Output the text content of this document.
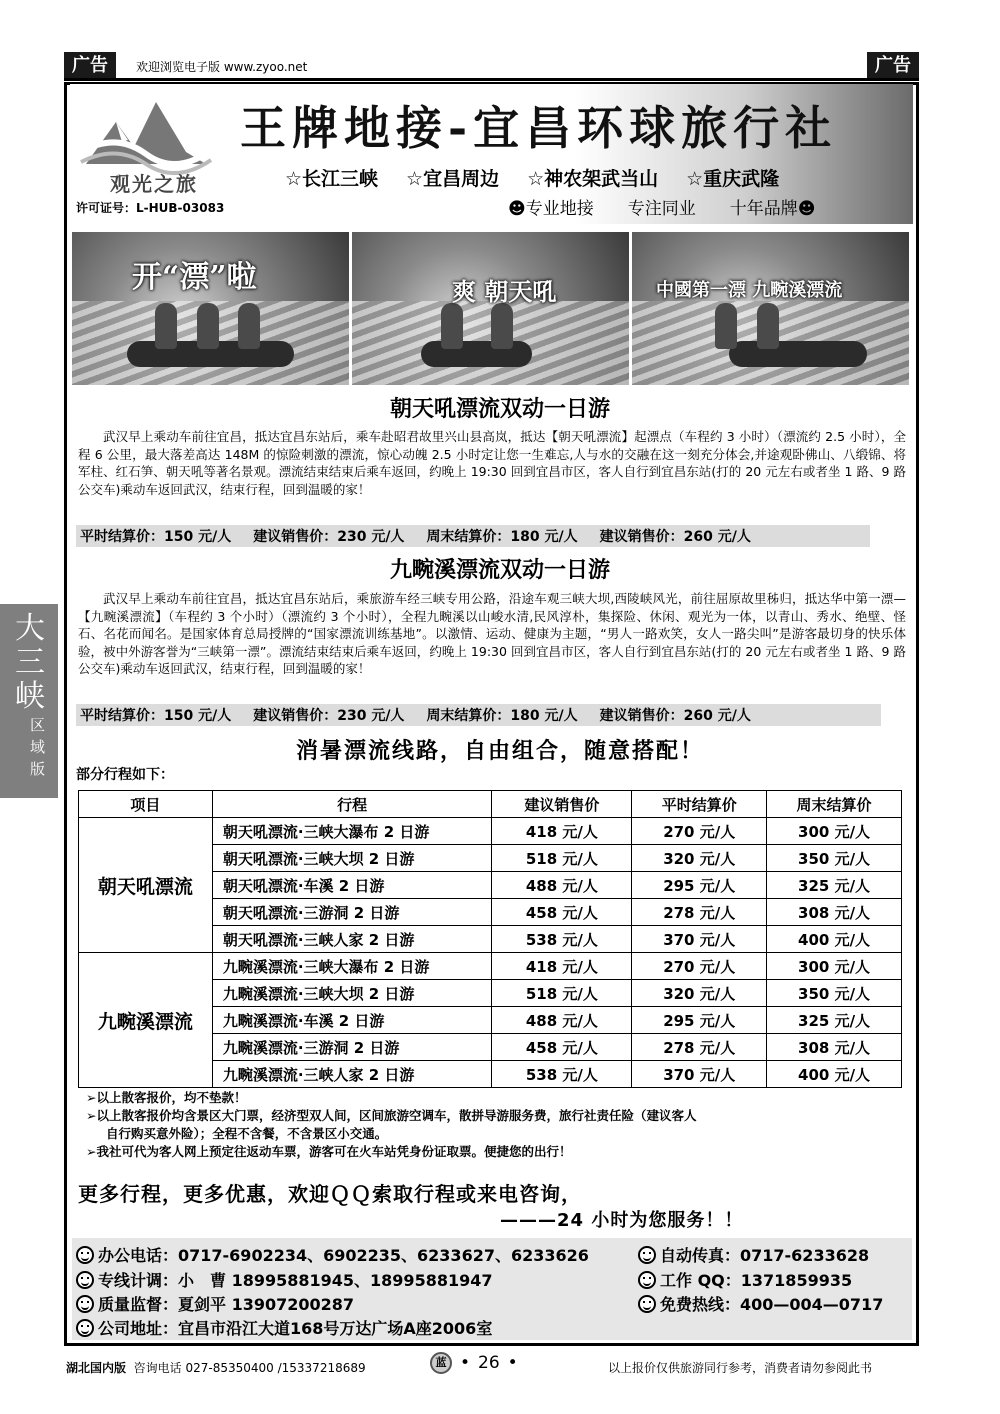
广告	欢迎浏览电子版 www.zyoo.net	广告
观光之旅
王牌地接-宜昌环球旅行社
☆长江三峡 ☆宜昌周边 ☆神农架武当山 ☆重庆武隆
许可证号：L-HUB-03083	☻专业地接 专注同业 十年品牌☻
开“漂”啦	爽 朝天吼	中國第一漂 九畹溪漂流
朝天吼漂流双动一日游
武汉早上乘动车前往宜昌，抵达宜昌东站后，乘车赴昭君故里兴山县高岚，抵达【朝天吼漂流】起漂点（车程约 3 小时）（漂流约 2.5 小时），全程 6 公里，最大落差高达 148M 的惊险刺激的漂流，惊心动魄 2.5 小时定让您一生难忘,人与水的交融在这一刻充分体会,并途观卧佛山、八缎锦、将军柱、红石笋、朝天吼等著名景观。漂流结束结束后乘车返回，约晚上 19:30 回到宜昌市区，客人自行到宜昌东站(打的 20 元左右或者坐 1 路、9 路公交车)乘动车返回武汉，结束行程，回到温暖的家！
平时结算价：150 元/人 建议销售价：230 元/人 周末结算价：180 元/人 建议销售价：260 元/人
九畹溪漂流双动一日游
武汉早上乘动车前往宜昌，抵达宜昌东站后，乘旅游车经三峡专用公路，沿途车观三峡大坝,西陵峡风光，前往屈原故里秭归，抵达华中第一漂—【九畹溪漂流】（车程约 3 个小时）（漂流约 3 个小时），全程九畹溪以山峻水清,民风淳朴，集探险、休闲、观光为一体，以青山、秀水、绝壁、怪石、名花而闻名。是国家体育总局授牌的“国家漂流训练基地”。以激情、运动、健康为主题，“男人一路欢笑，女人一路尖叫”是游客最切身的快乐体验，被中外游客誉为“三峡第一漂”。漂流结束结束后乘车返回，约晚上 19:30 回到宜昌市区，客人自行到宜昌东站(打的 20 元左右或者坐 1 路、9 路公交车)乘动车返回武汉，结束行程，回到温暖的家！
平时结算价：150 元/人 建议销售价：230 元/人 周末结算价：180 元/人 建议销售价：260 元/人
消暑漂流线路，自由组合，随意搭配！
部分行程如下：
项目	行程	建议销售价	平时结算价	周末结算价
朝天吼漂流	朝天吼漂流·三峡大瀑布 2 日游	418 元/人	270 元/人	300 元/人
	朝天吼漂流·三峡大坝 2 日游	518 元/人	320 元/人	350 元/人
	朝天吼漂流·车溪 2 日游	488 元/人	295 元/人	325 元/人
	朝天吼漂流·三游洞 2 日游	458 元/人	278 元/人	308 元/人
	朝天吼漂流·三峡人家 2 日游	538 元/人	370 元/人	400 元/人
九畹溪漂流	九畹溪漂流·三峡大瀑布 2 日游	418 元/人	270 元/人	300 元/人
	九畹溪漂流·三峡大坝 2 日游	518 元/人	320 元/人	350 元/人
	九畹溪漂流·车溪 2 日游	488 元/人	295 元/人	325 元/人
	九畹溪漂流·三游洞 2 日游	458 元/人	278 元/人	308 元/人
	九畹溪漂流·三峡人家 2 日游	538 元/人	370 元/人	400 元/人

➢以上散客报价，均不垫款！

➢以上散客报价均含景区大门票，经济型双人间，区间旅游空调车，散拼导游服务费，旅行社责任险（建议客人

自行购买意外险）；全程不含餐，不含景区小交通。

➢我社可代为客人网上预定往返动车票，游客可在火车站凭身份证取票。便捷您的出行！

更多行程，更多优惠，欢迎ＱＱ索取行程或来电咨询，
———24 小时为您服务！！
办公电话：0717-6902234、6902235、6233627、6233626	自动传真：0717-6233628
专线计调：小　曹 18995881945、18995881947	工作 QQ：1371859935
质量监督：夏剑平 13907200287	免费热线：400—004—0717
公司地址：宜昌市沿江大道168号万达广场A座2006室
湖北国内版 咨询电话 027-85350400 /15337218689	蓝 • 26 •	以上报价仅供旅游同行参考，消费者请勿参阅此书
大三峡
区域版
